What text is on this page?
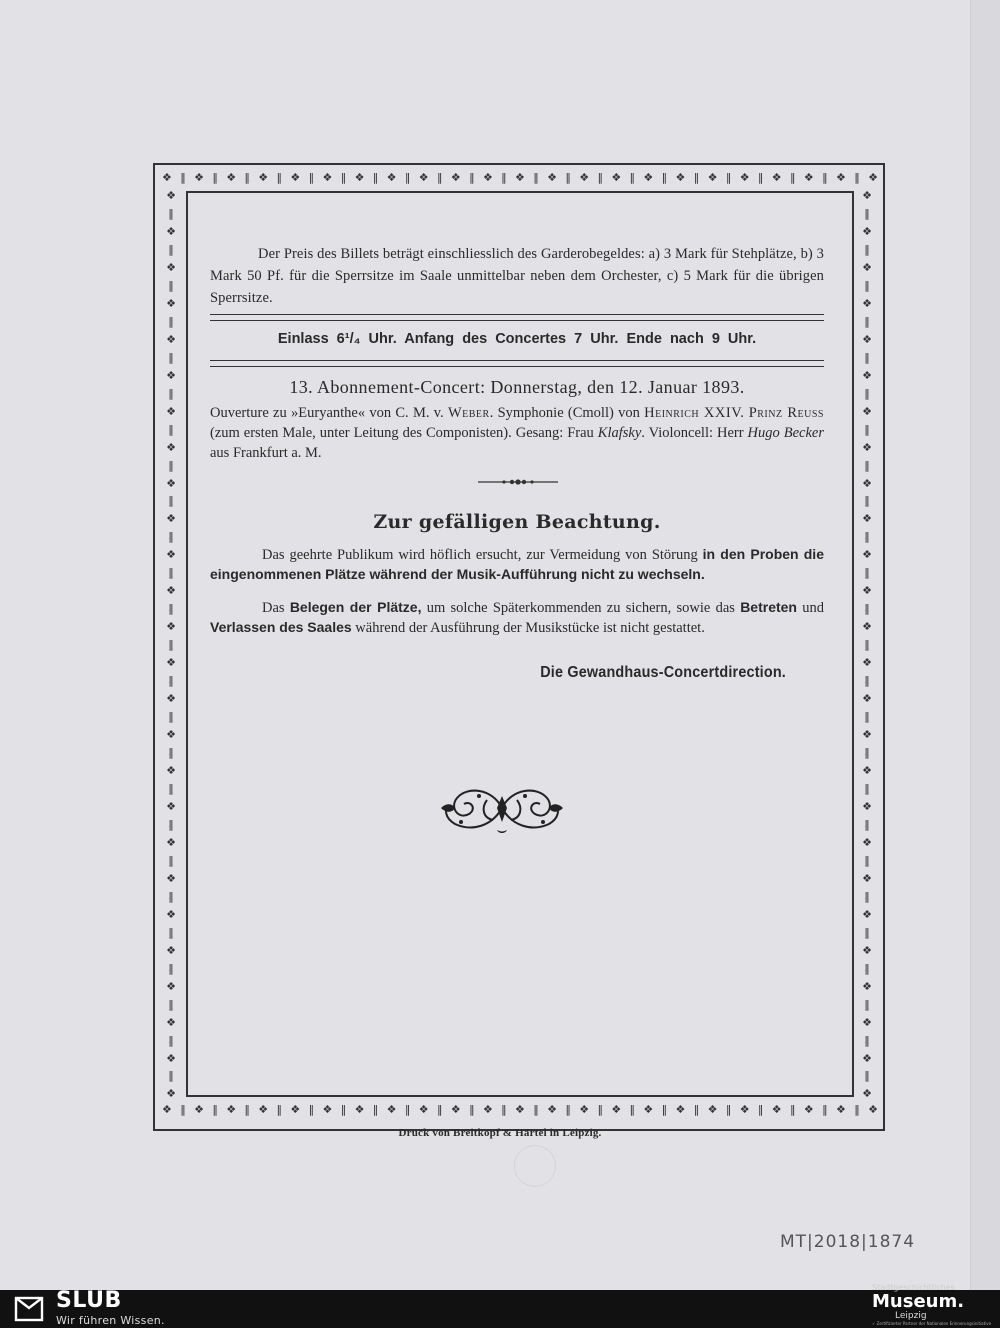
❖ ‖ ❖ ‖ ❖ ‖ ❖ ‖ ❖ ‖ ❖ ‖ ❖ ‖ ❖ ‖ ❖ ‖ ❖ ‖ ❖ ‖ ❖ ‖ ❖ ‖ ❖ ‖ ❖ ‖ ❖ ‖ ❖ ‖ ❖ ‖ ❖ ‖ ❖ ‖ ❖ ‖ ❖ ‖ ❖
❖ ‖ ❖ ‖ ❖ ‖ ❖ ‖ ❖ ‖ ❖ ‖ ❖ ‖ ❖ ‖ ❖ ‖ ❖ ‖ ❖ ‖ ❖ ‖ ❖ ‖ ❖ ‖ ❖ ‖ ❖ ‖ ❖ ‖ ❖ ‖ ❖ ‖ ❖ ‖ ❖ ‖ ❖ ‖ ❖
❖
‖
❖
‖
❖
‖
❖
‖
❖
‖
❖
‖
❖
‖
❖
‖
❖
‖
❖
‖
❖
‖
❖
‖
❖
‖
❖
‖
❖
‖
❖
‖
❖
‖
❖
‖
❖
‖
❖
‖
❖
‖
❖
‖
❖
‖
❖
‖
❖
‖
❖
❖
‖
❖
‖
❖
‖
❖
‖
❖
‖
❖
‖
❖
‖
❖
‖
❖
‖
❖
‖
❖
‖
❖
‖
❖
‖
❖
‖
❖
‖
❖
‖
❖
‖
❖
‖
❖
‖
❖
‖
❖
‖
❖
‖
❖
‖
❖
‖
❖
‖
❖
Der Preis des Billets beträgt einschliesslich des Garderobegeldes: a) 3 Mark für Stehplätze, b) 3 Mark 50 Pf. für die Sperrsitze im Saale unmittelbar neben dem Orchester, c) 5 Mark für die übrigen Sperrsitze.
Einlass 6¹/₄ Uhr. Anfang des Concertes 7 Uhr. Ende nach 9 Uhr.
13. Abonnement-Concert: Donnerstag, den 12. Januar 1893.
Ouverture zu »Euryanthe« von C. M. v. Weber. Symphonie (Cmoll) von Heinrich XXIV. Prinz Reuss (zum ersten Male, unter Leitung des Componisten). Gesang: Frau Klafsky. Violoncell: Herr Hugo Becker aus Frankfurt a. M.
Zur gefälligen Beachtung.
Das geehrte Publikum wird höflich ersucht, zur Vermeidung von Störung in den Proben die eingenommenen Plätze während der Musik-Aufführung nicht zu wechseln.
Das Belegen der Plätze, um solche Späterkommenden zu sichern, sowie das Betreten und Verlassen des Saales während der Ausführung der Musikstücke ist nicht gestattet.
Die Gewandhaus-Concertdirection.
Druck von Breitkopf & Härtel in Leipzig.
MT|2018|1874
SLUB
Wir führen Wissen.
Stadtgeschichtliches
Museum.
Leipzig
✓ Zertifizierter Partner der Nationalen Erinnerungsinitiative
